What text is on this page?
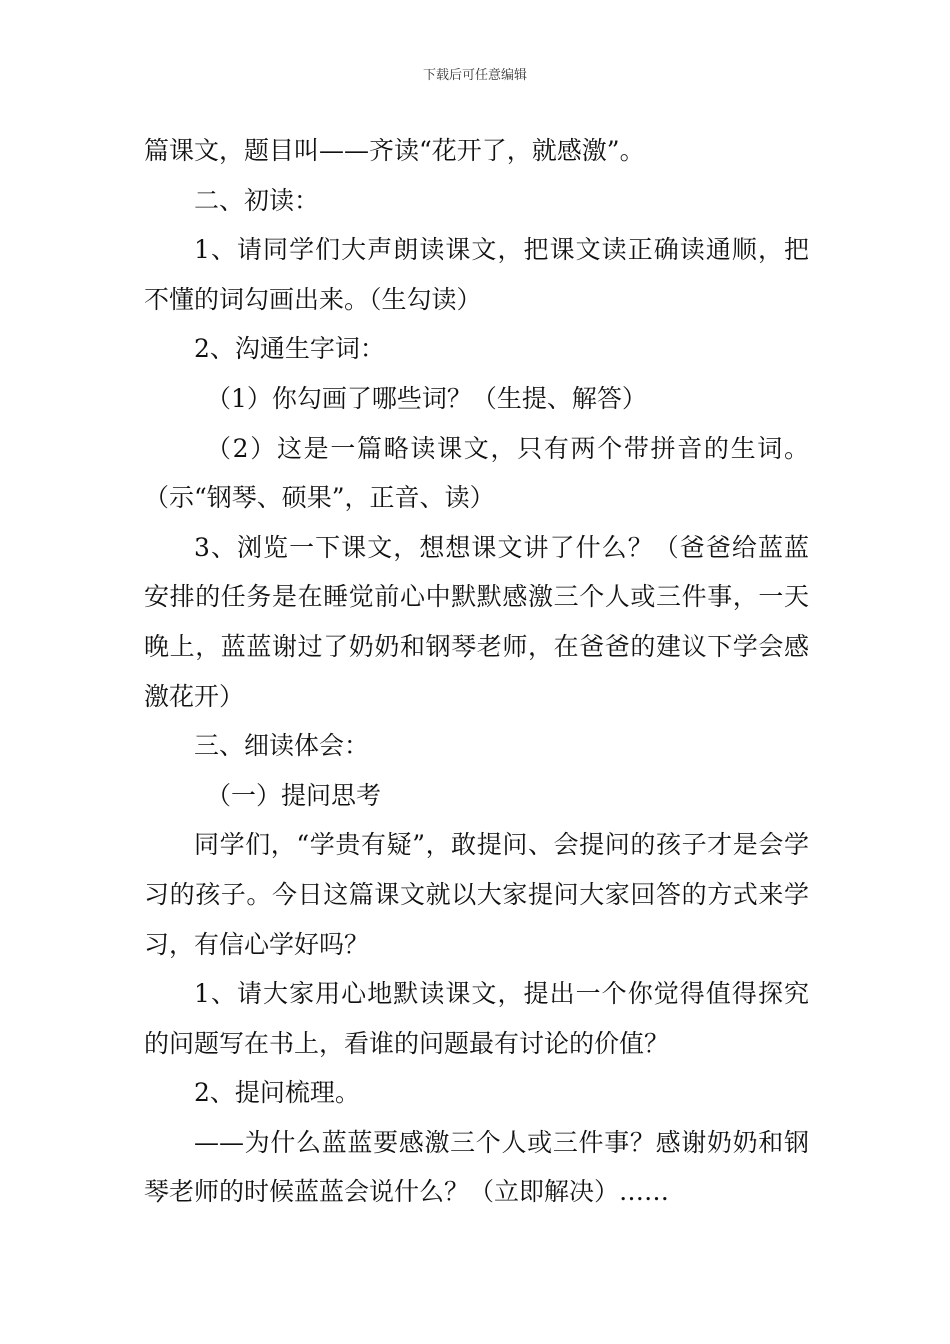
下载后可任意编辑

篇课文，题目叫——齐读“花开了，就感激”。

二、初读：

1、请同学们大声朗读课文，把课文读正确读通顺，把不懂的词勾画出来。（生勾读）

2、沟通生字词：

（1）你勾画了哪些词？（生提、解答）

（2）这是一篇略读课文，只有两个带拼音的生词。（示“钢琴、硕果”，正音、读）

3、浏览一下课文，想想课文讲了什么？（爸爸给蓝蓝安排的任务是在睡觉前心中默默感激三个人或三件事，一天晚上，蓝蓝谢过了奶奶和钢琴老师，在爸爸的建议下学会感激花开）

三、细读体会：

（一）提问思考

同学们，“学贵有疑”，敢提问、会提问的孩子才是会学习的孩子。今日这篇课文就以大家提问大家回答的方式来学习，有信心学好吗？

1、请大家用心地默读课文，提出一个你觉得值得探究的问题写在书上，看谁的问题最有讨论的价值？

2、提问梳理。

——为什么蓝蓝要感激三个人或三件事？感谢奶奶和钢琴老师的时候蓝蓝会说什么？（立即解决）……
